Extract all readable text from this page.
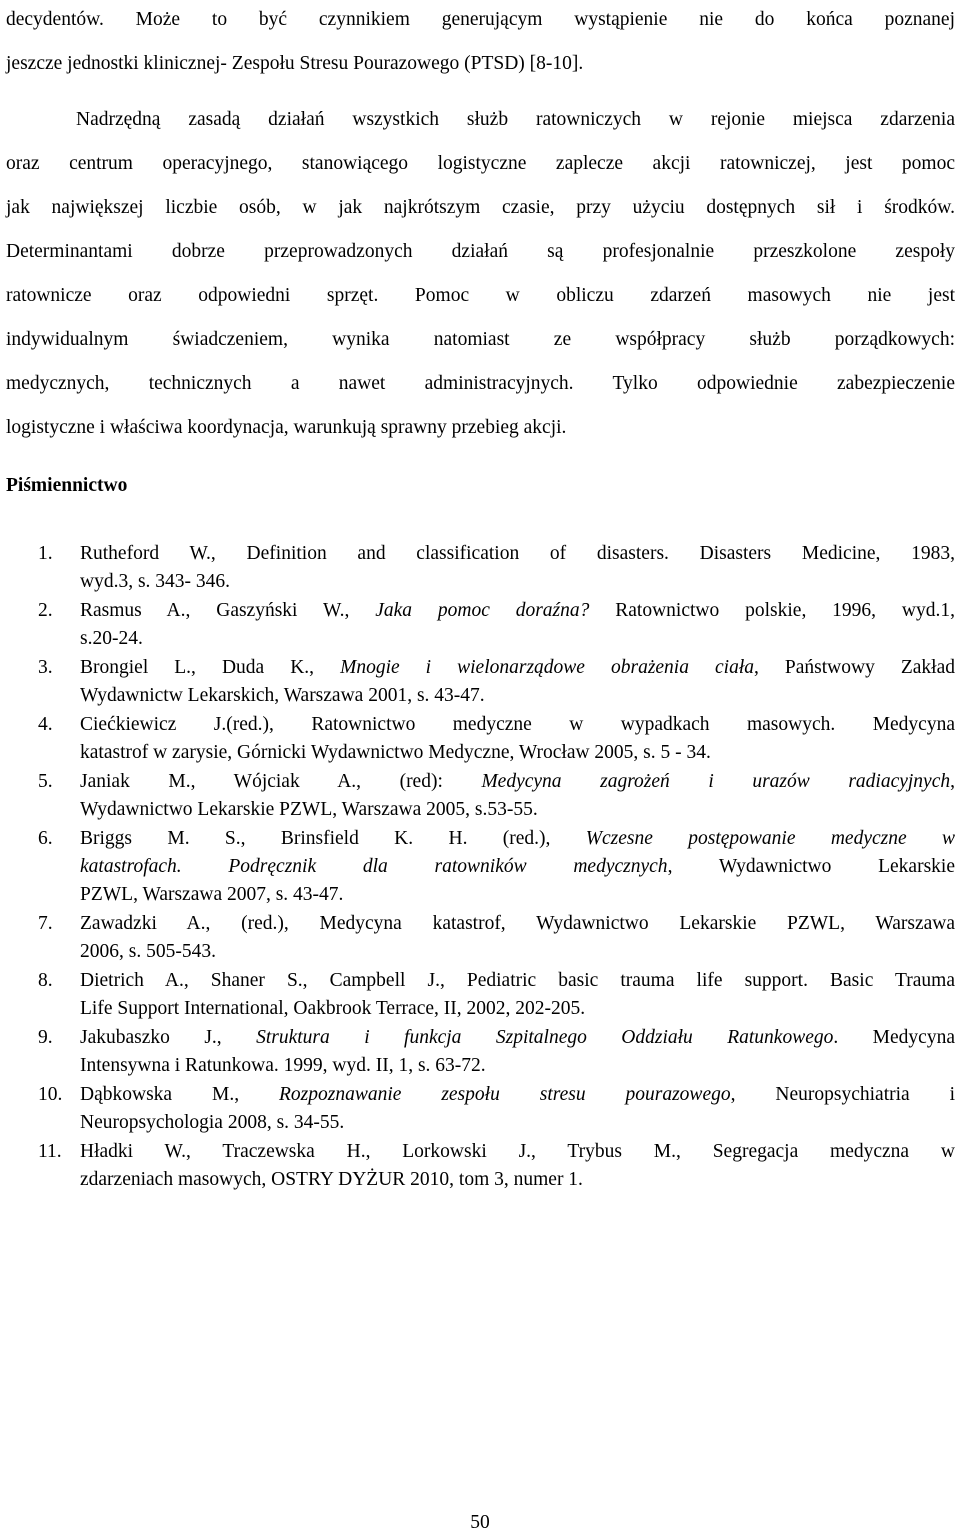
decydentów. Może to być czynnikiem generującym wystąpienie nie do końca poznanej
jeszcze jednostki klinicznej- Zespołu Stresu Pourazowego (PTSD) [8-10].
Nadrzędną zasadą działań wszystkich służb ratowniczych w rejonie miejsca zdarzenia
oraz centrum operacyjnego, stanowiącego logistyczne zaplecze akcji ratowniczej, jest pomoc
jak największej liczbie osób, w jak najkrótszym czasie, przy użyciu dostępnych sił i środków.
Determinantami dobrze przeprowadzonych działań są profesjonalnie przeszkolone zespoły
ratownicze oraz odpowiedni sprzęt. Pomoc w obliczu zdarzeń masowych nie jest
indywidualnym świadczeniem, wynika natomiast ze współpracy służb porządkowych:
medycznych, technicznych a nawet administracyjnych. Tylko odpowiednie zabezpieczenie
logistyczne i właściwa koordynacja, warunkują sprawny przebieg akcji.
Piśmiennictwo
1. Rutheford W., Definition and classification of disasters. Disasters Medicine, 1983,
wyd.3, s. 343- 346.
2. Rasmus A., Gaszyński W., Jaka pomoc doraźna? Ratownictwo polskie, 1996, wyd.1,
s.20-24.
3. Brongiel L., Duda K., Mnogie i wielonarządowe obrażenia ciała, Państwowy Zakład
Wydawnictw Lekarskich, Warszawa 2001, s. 43-47.
4. Ciećkiewicz J.(red.), Ratownictwo medyczne w wypadkach masowych. Medycyna
katastrof w zarysie, Górnicki Wydawnictwo Medyczne, Wrocław 2005, s. 5 - 34.
5. Janiak M., Wójciak A., (red): Medycyna zagrożeń i urazów radiacyjnych,
Wydawnictwo Lekarskie PZWL, Warszawa 2005, s.53-55.
6. Briggs M. S., Brinsfield K. H. (red.), Wczesne postępowanie medyczne w
katastrofach. Podręcznik dla ratowników medycznych, Wydawnictwo Lekarskie
PZWL, Warszawa 2007, s. 43-47.
7. Zawadzki A., (red.), Medycyna katastrof, Wydawnictwo Lekarskie PZWL, Warszawa
2006, s. 505-543.
8. Dietrich A., Shaner S., Campbell J., Pediatric basic trauma life support. Basic Trauma
Life Support International, Oakbrook Terrace, II, 2002, 202-205.
9. Jakubaszko J., Struktura i funkcja Szpitalnego Oddziału Ratunkowego. Medycyna
Intensywna i Ratunkowa. 1999, wyd. II, 1, s. 63-72.
10. Dąbkowska M., Rozpoznawanie zespołu stresu pourazowego, Neuropsychiatria i
Neuropsychologia 2008, s. 34-55.
11. Hładki W., Traczewska H., Lorkowski J., Trybus M., Segregacja medyczna w
zdarzeniach masowych, OSTRY DYŻUR 2010, tom 3, numer 1.
50
